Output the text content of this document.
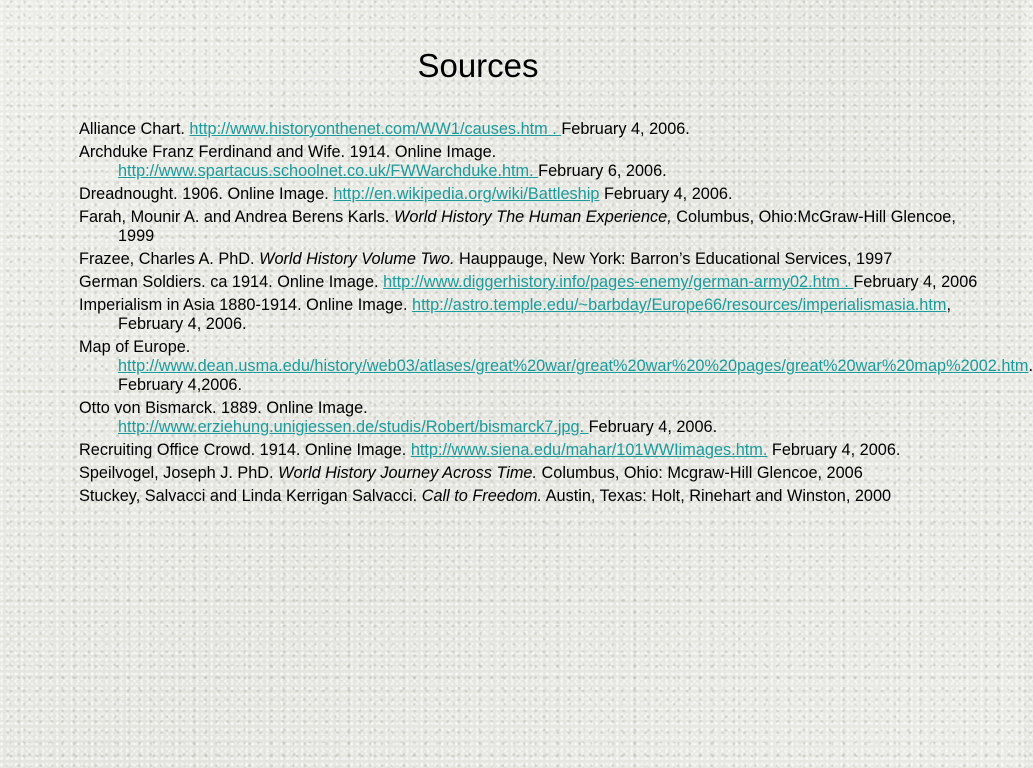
Sources
Alliance Chart. http://www.historyonthenet.com/WW1/causes.htm . February 4, 2006.
Archduke Franz Ferdinand and Wife. 1914. Online Image.
http://www.spartacus.schoolnet.co.uk/FWWarchduke.htm. February 6, 2006.
Dreadnought. 1906. Online Image. http://en.wikipedia.org/wiki/Battleship February 4, 2006.
Farah, Mounir A. and Andrea Berens Karls. World History The Human Experience, Columbus, Ohio:McGraw-Hill Glencoe, 1999
Frazee, Charles A. PhD. World History Volume Two. Hauppauge, New York: Barron’s Educational Services, 1997
German Soldiers. ca 1914. Online Image. http://www.diggerhistory.info/pages-enemy/german-army02.htm . February 4, 2006
Imperialism in Asia 1880-1914. Online Image. http://astro.temple.edu/~barbday/Europe66/resources/imperialismasia.htm, February 4, 2006.
Map of Europe.
http://www.dean.usma.edu/history/web03/atlases/great%20war/great%20war%20%20pages/great%20war%20map%2002.htm. February 4,2006.
Otto von Bismarck. 1889. Online Image.
http://www.erziehung.unigiessen.de/studis/Robert/bismarck7.jpg. February 4, 2006.
Recruiting Office Crowd. 1914. Online Image. http://www.siena.edu/mahar/101WWIimages.htm. February 4, 2006.
Speilvogel, Joseph J. PhD. World History Journey Across Time. Columbus, Ohio: Mcgraw-Hill Glencoe, 2006
Stuckey, Salvacci and Linda Kerrigan Salvacci. Call to Freedom. Austin, Texas: Holt, Rinehart and Winston, 2000
